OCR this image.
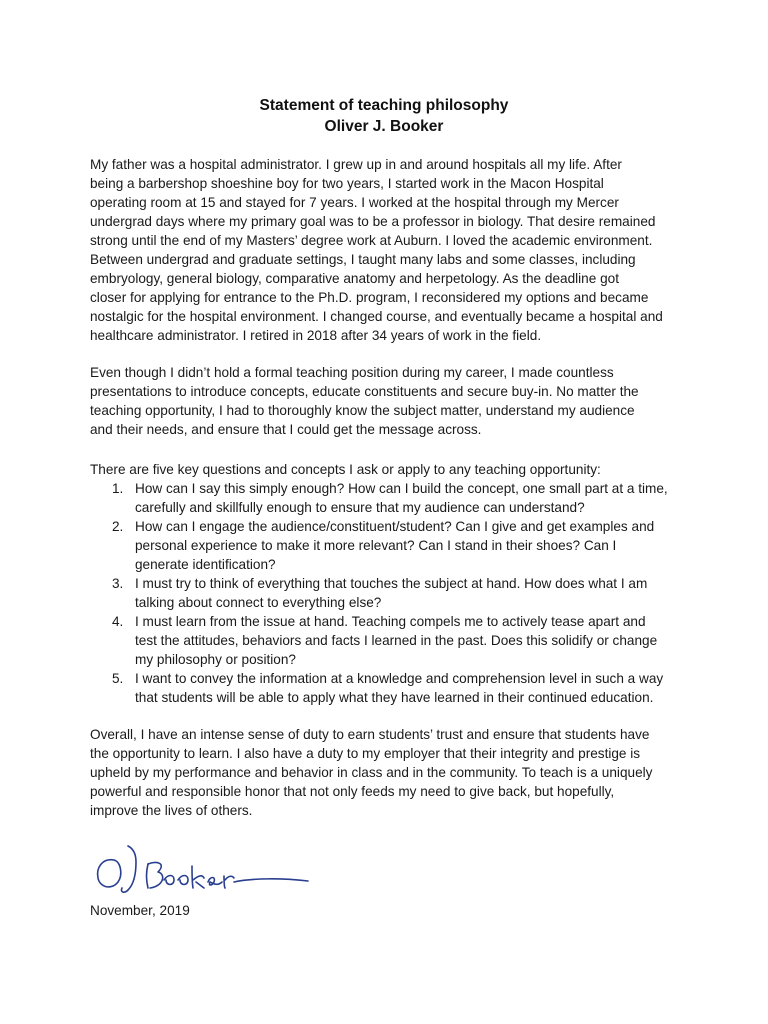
Statement of teaching philosophy
Oliver J. Booker
My father was a hospital administrator. I grew up in and around hospitals all my life. After
being a barbershop shoeshine boy for two years, I started work in the Macon Hospital
operating room at 15 and stayed for 7 years. I worked at the hospital through my Mercer
undergrad days where my primary goal was to be a professor in biology. That desire remained
strong until the end of my Masters’ degree work at Auburn. I loved the academic environment.
Between undergrad and graduate settings, I taught many labs and some classes, including
embryology, general biology, comparative anatomy and herpetology. As the deadline got
closer for applying for entrance to the Ph.D. program, I reconsidered my options and became
nostalgic for the hospital environment. I changed course, and eventually became a hospital and
healthcare administrator. I retired in 2018 after 34 years of work in the field.
Even though I didn’t hold a formal teaching position during my career, I made countless
presentations to introduce concepts, educate constituents and secure buy-in. No matter the
teaching opportunity, I had to thoroughly know the subject matter, understand my audience
and their needs, and ensure that I could get the message across.
There are five key questions and concepts I ask or apply to any teaching opportunity:
1. How can I say this simply enough? How can I build the concept, one small part at a time,
carefully and skillfully enough to ensure that my audience can understand?
2. How can I engage the audience/constituent/student? Can I give and get examples and
personal experience to make it more relevant? Can I stand in their shoes? Can I
generate identification?
3. I must try to think of everything that touches the subject at hand. How does what I am
talking about connect to everything else?
4. I must learn from the issue at hand. Teaching compels me to actively tease apart and
test the attitudes, behaviors and facts I learned in the past. Does this solidify or change
my philosophy or position?
5. I want to convey the information at a knowledge and comprehension level in such a way
that students will be able to apply what they have learned in their continued education.
Overall, I have an intense sense of duty to earn students’ trust and ensure that students have
the opportunity to learn. I also have a duty to my employer that their integrity and prestige is
upheld by my performance and behavior in class and in the community. To teach is a uniquely
powerful and responsible honor that not only feeds my need to give back, but hopefully,
improve the lives of others.
November, 2019
